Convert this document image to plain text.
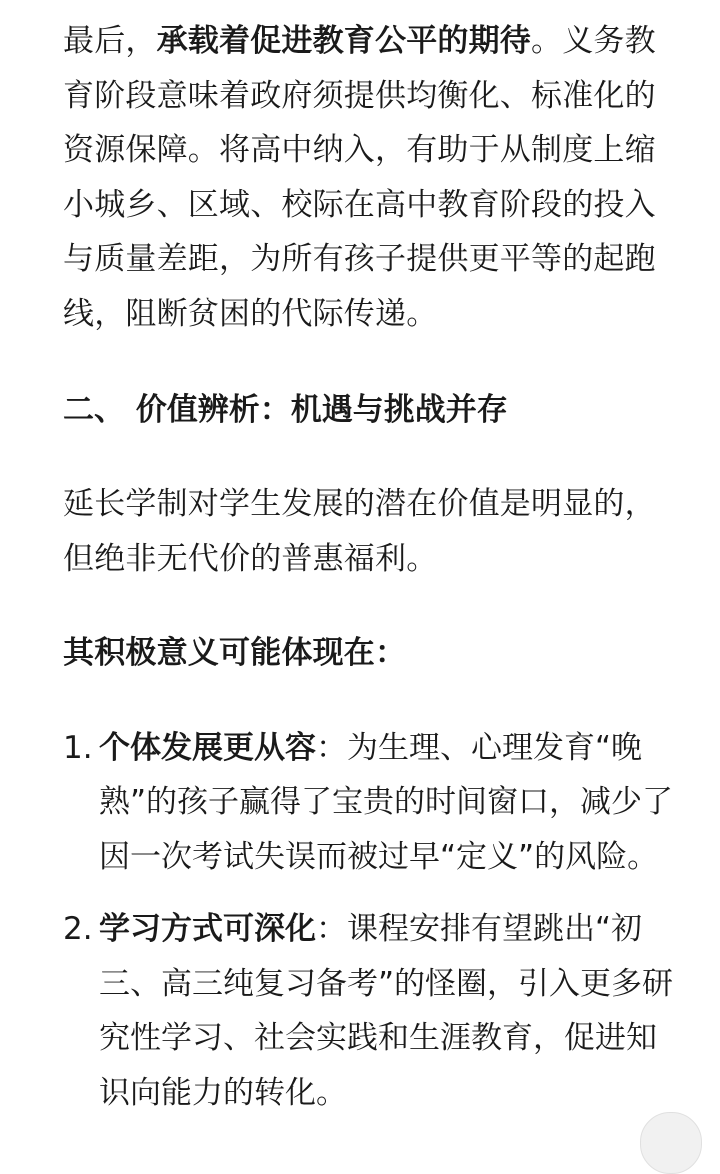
最后，承载着促进教育公平的期待。义务教育阶段意味着政府须提供均衡化、标准化的资源保障。将高中纳入，有助于从制度上缩小城乡、区域、校际在高中教育阶段的投入与质量差距，为所有孩子提供更平等的起跑线，阻断贫困的代际传递。

二、 价值辨析：机遇与挑战并存

延长学制对学生发展的潜在价值是明显的，但绝非无代价的普惠福利。

其积极意义可能体现在：

1. 个体发展更从容：为生理、心理发育“晚熟”的孩子赢得了宝贵的时间窗口，减少了因一次考试失误而被过早“定义”的风险。
2. 学习方式可深化：课程安排有望跳出“初三、高三纯复习备考”的怪圈，引入更多研究性学习、社会实践和生涯教育，促进知识向能力的转化。
